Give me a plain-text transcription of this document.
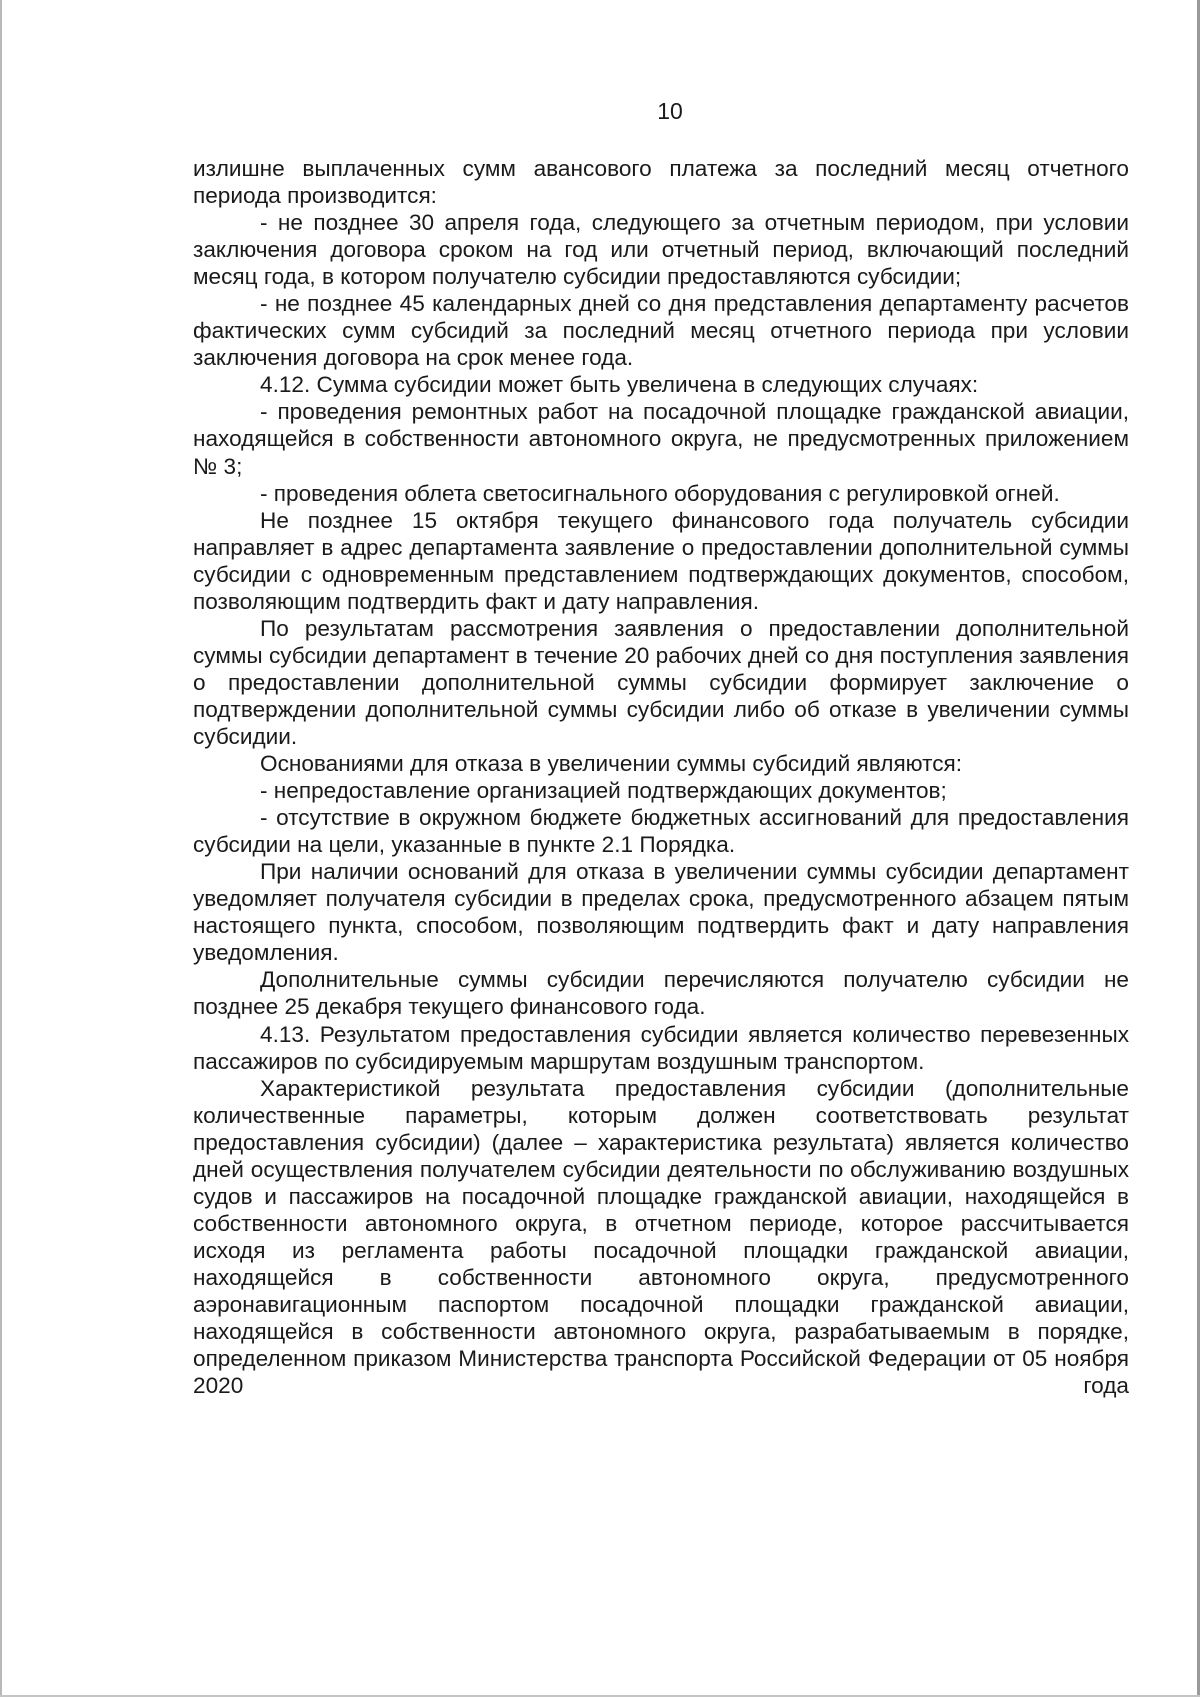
10

излишне выплаченных сумм авансового платежа за последний месяц отчетного периода производится:

- не позднее 30 апреля года, следующего за отчетным периодом, при условии заключения договора сроком на год или отчетный период, включающий последний месяц года, в котором получателю субсидии предоставляются субсидии;

- не позднее 45 календарных дней со дня представления департаменту расчетов фактических сумм субсидий за последний месяц отчетного периода при условии заключения договора на срок менее года.

4.12. Сумма субсидии может быть увеличена в следующих случаях:

- проведения ремонтных работ на посадочной площадке гражданской авиации, находящейся в собственности автономного округа, не предусмотренных приложением № 3;

- проведения облета светосигнального оборудования с регулировкой огней.

Не позднее 15 октября текущего финансового года получатель субсидии направляет в адрес департамента заявление о предоставлении дополнительной суммы субсидии с одновременным представлением подтверждающих документов, способом, позволяющим подтвердить факт и дату направления.

По результатам рассмотрения заявления о предоставлении дополнительной суммы субсидии департамент в течение 20 рабочих дней со дня поступления заявления о предоставлении дополнительной суммы субсидии формирует заключение о подтверждении дополнительной суммы субсидии либо об отказе в увеличении суммы субсидии.

Основаниями для отказа в увеличении суммы субсидий являются:

- непредоставление организацией подтверждающих документов;

- отсутствие в окружном бюджете бюджетных ассигнований для предоставления субсидии на цели, указанные в пункте 2.1 Порядка.

При наличии оснований для отказа в увеличении суммы субсидии департамент уведомляет получателя субсидии в пределах срока, предусмотренного абзацем пятым настоящего пункта, способом, позволяющим подтвердить факт и дату направления уведомления.

Дополнительные суммы субсидии перечисляются получателю субсидии не позднее 25 декабря текущего финансового года.

4.13. Результатом предоставления субсидии является количество перевезенных пассажиров по субсидируемым маршрутам воздушным транспортом.

Характеристикой результата предоставления субсидии (дополнительные количественные параметры, которым должен соответствовать результат предоставления субсидии) (далее – характеристика результата) является количество дней осуществления получателем субсидии деятельности по обслуживанию воздушных судов и пассажиров на посадочной площадке гражданской авиации, находящейся в собственности автономного округа, в отчетном периоде, которое рассчитывается исходя из регламента работы посадочной площадки гражданской авиации, находящейся в собственности автономного округа, предусмотренного аэронавигационным паспортом посадочной площадки гражданской авиации, находящейся в собственности автономного округа, разрабатываемым в порядке, определенном приказом Министерства транспорта Российской Федерации от 05 ноября 2020 года
